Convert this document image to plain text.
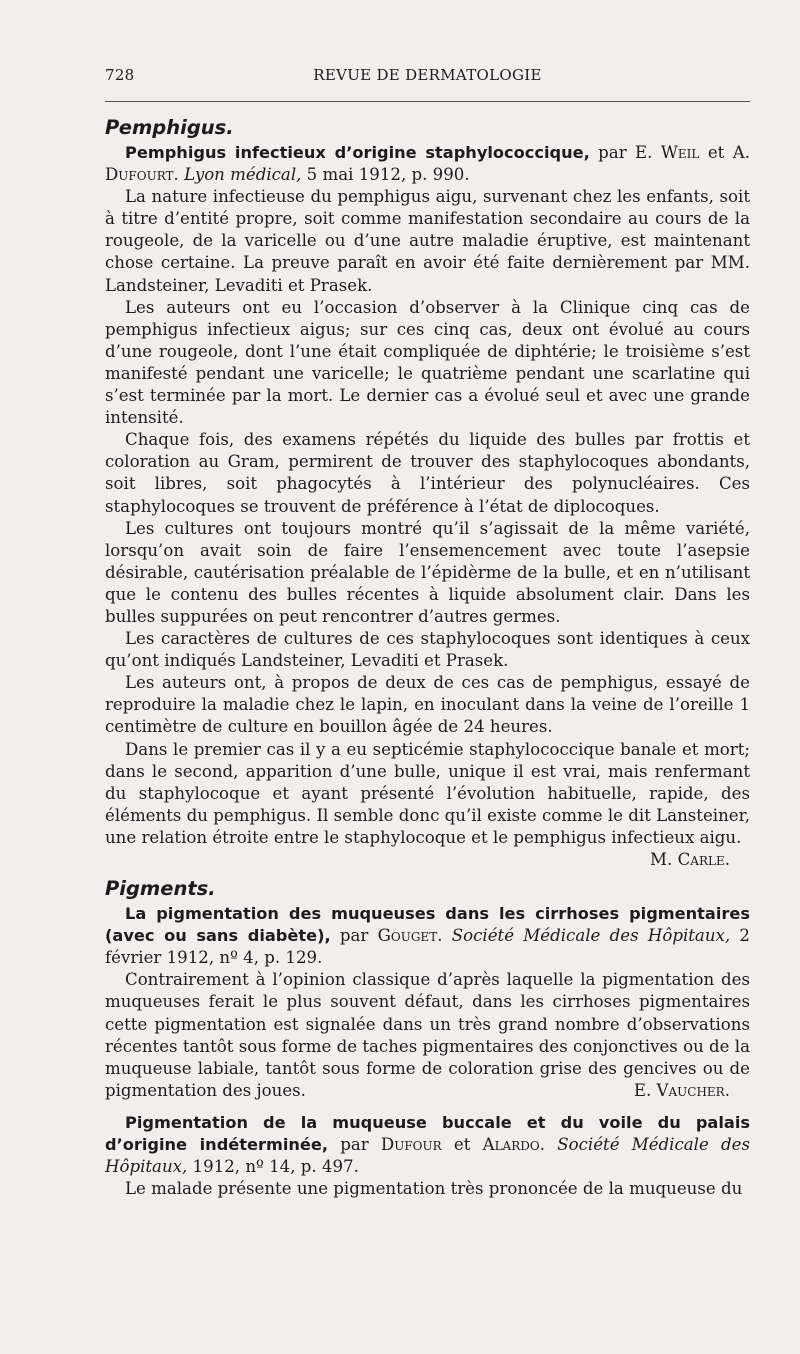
728	REVUE DE DERMATOLOGIE
Pemphigus.

Pemphigus infectieux d’origine staphylococcique, par E. Weil et A. Dufourt. Lyon médical, 5 mai 1912, p. 990.

La nature infectieuse du pemphigus aigu, survenant chez les enfants, soit à titre d’entité propre, soit comme manifestation secondaire au cours de la rougeole, de la varicelle ou d’une autre maladie éruptive, est maintenant chose certaine. La preuve paraît en avoir été faite dernièrement par MM. Landsteiner, Levaditi et Prasek.

Les auteurs ont eu l’occasion d’observer à la Clinique cinq cas de pemphigus infectieux aigus; sur ces cinq cas, deux ont évolué au cours d’une rougeole, dont l’une était compliquée de diphtérie; le troisième s’est manifesté pendant une varicelle; le quatrième pendant une scarlatine qui s’est terminée par la mort. Le dernier cas a évolué seul et avec une grande intensité.

Chaque fois, des examens répétés du liquide des bulles par frottis et coloration au Gram, permirent de trouver des staphylocoques abondants, soit libres, soit phagocytés à l’intérieur des polynucléaires. Ces staphylocoques se trouvent de préférence à l’état de diplocoques.

Les cultures ont toujours montré qu’il s’agissait de la même variété, lorsqu’on avait soin de faire l’ensemencement avec toute l’asepsie désirable, cautérisation préalable de l’épidèrme de la bulle, et en n’utilisant que le contenu des bulles récentes à liquide absolument clair. Dans les bulles suppurées on peut rencontrer d’autres germes.

Les caractères de cultures de ces staphylocoques sont identiques à ceux qu’ont indiqués Landsteiner, Levaditi et Prasek.

Les auteurs ont, à propos de deux de ces cas de pemphigus, essayé de reproduire la maladie chez le lapin, en inoculant dans la veine de l’oreille 1 centimètre de culture en bouillon âgée de 24 heures.

Dans le premier cas il y a eu septicémie staphylococcique banale et mort; dans le second, apparition d’une bulle, unique il est vrai, mais renfermant du staphylocoque et ayant présenté l’évolution habituelle, rapide, des éléments du pemphigus. Il semble donc qu’il existe comme le dit Lansteiner, une relation étroite entre le staphylocoque et le pemphigus infectieux aigu.
M. Carle.

Pigments.

La pigmentation des muqueuses dans les cirrhoses pigmentaires (avec ou sans diabète), par Gouget. Société Médicale des Hôpitaux, 2 février 1912, nº 4, p. 129.

Contrairement à l’opinion classique d’après laquelle la pigmentation des muqueuses ferait le plus souvent défaut, dans les cirrhoses pigmentaires cette pigmentation est signalée dans un très grand nombre d’observations récentes tantôt sous forme de taches pigmentaires des conjonctives ou de la muqueuse labiale, tantôt sous forme de coloration grise des gencives ou de pigmentation des joues.	E. Vaucher.

Pigmentation de la muqueuse buccale et du voile du palais d’origine indéterminée, par Dufour et Alardo. Société Médicale des Hôpitaux, 1912, nº 14, p. 497.

Le malade présente une pigmentation très prononcée de la muqueuse du
